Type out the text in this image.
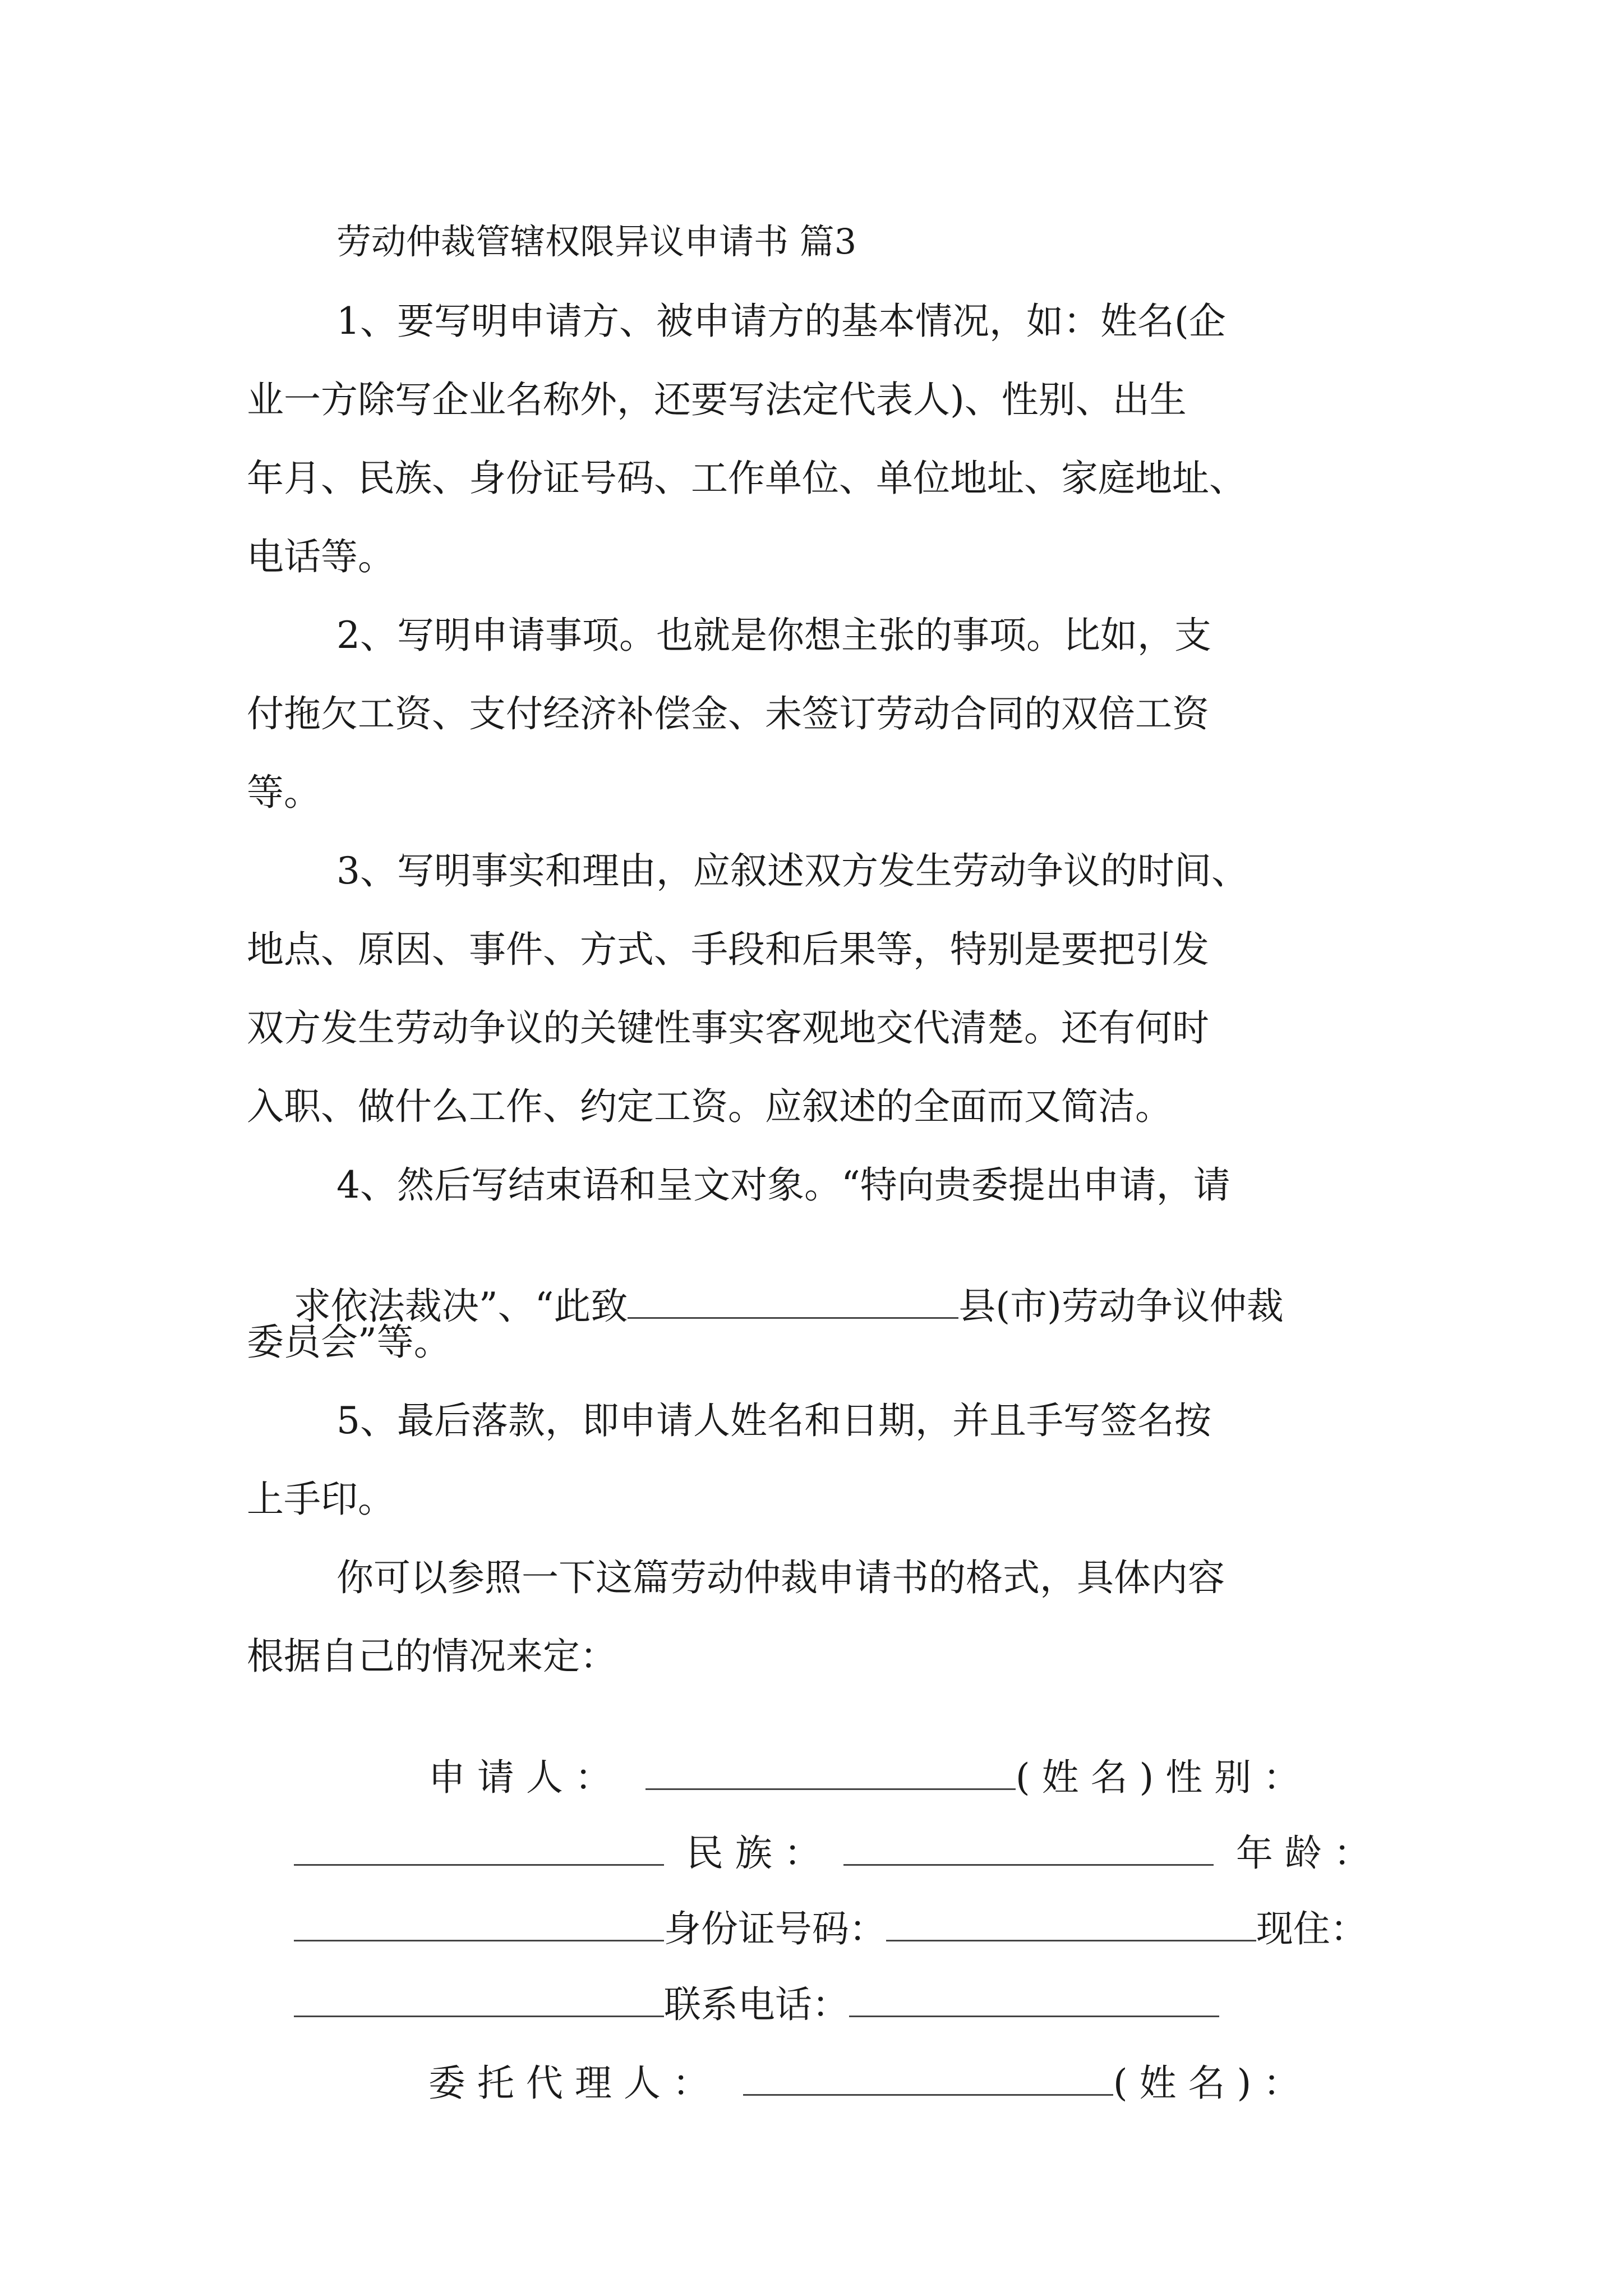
劳动仲裁管辖权限异议申请书 篇3
1、要写明申请方、被申请方的基本情况，如：姓名(企
业一方除写企业名称外，还要写法定代表人)、性别、出生
年月、民族、身份证号码、工作单位、单位地址、家庭地址、
电话等。
2、写明申请事项。也就是你想主张的事项。比如，支
付拖欠工资、支付经济补偿金、未签订劳动合同的双倍工资
等。
3、写明事实和理由，应叙述双方发生劳动争议的时间、
地点、原因、事件、方式、手段和后果等，特别是要把引发
双方发生劳动争议的关键性事实客观地交代清楚。还有何时
入职、做什么工作、约定工资。应叙述的全面而又简洁。
4、然后写结束语和呈文对象。“特向贵委提出申请，请

求依法裁决”、“此致	县(市)劳动争议仲裁

委员会”等。
5、最后落款，即申请人姓名和日期，并且手写签名按
上手印。
你可以参照一下这篇劳动仲裁申请书的格式，具体内容
根据自己的情况来定：

申 请 人 ：	( 姓 名 ) 性 别 ：

民 族 ：	年 龄 ：

身份证号码：	现住：

联系电话：

委 托 代 理 人 ：	( 姓 名 ) ：
